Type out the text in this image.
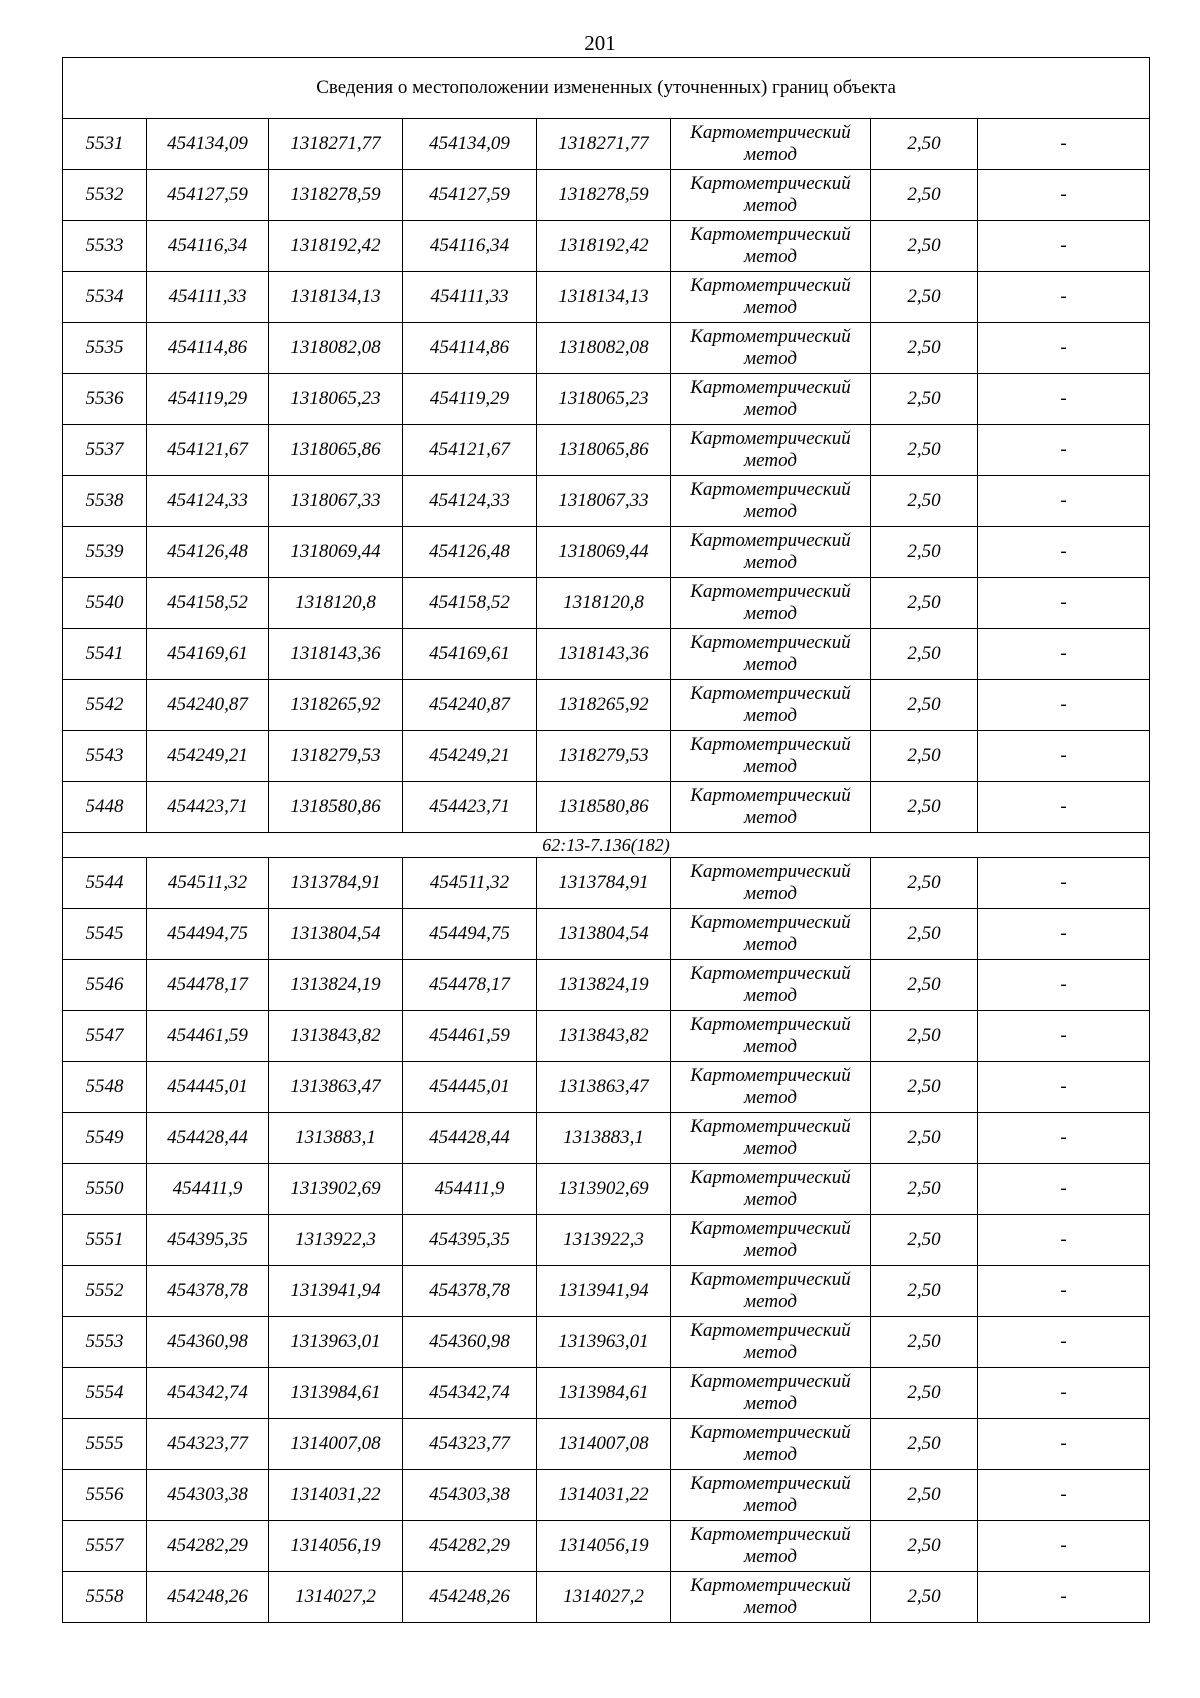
201
Сведения о местоположении измененных (уточненных) границ объекта							
5531	454134,09	1318271,77	454134,09	1318271,77	Картометрический
метод	2,50	-
5532	454127,59	1318278,59	454127,59	1318278,59	Картометрический
метод	2,50	-
5533	454116,34	1318192,42	454116,34	1318192,42	Картометрический
метод	2,50	-
5534	454111,33	1318134,13	454111,33	1318134,13	Картометрический
метод	2,50	-
5535	454114,86	1318082,08	454114,86	1318082,08	Картометрический
метод	2,50	-
5536	454119,29	1318065,23	454119,29	1318065,23	Картометрический
метод	2,50	-
5537	454121,67	1318065,86	454121,67	1318065,86	Картометрический
метод	2,50	-
5538	454124,33	1318067,33	454124,33	1318067,33	Картометрический
метод	2,50	-
5539	454126,48	1318069,44	454126,48	1318069,44	Картометрический
метод	2,50	-
5540	454158,52	1318120,8	454158,52	1318120,8	Картометрический
метод	2,50	-
5541	454169,61	1318143,36	454169,61	1318143,36	Картометрический
метод	2,50	-
5542	454240,87	1318265,92	454240,87	1318265,92	Картометрический
метод	2,50	-
5543	454249,21	1318279,53	454249,21	1318279,53	Картометрический
метод	2,50	-
5448	454423,71	1318580,86	454423,71	1318580,86	Картометрический
метод	2,50	-
62:13-7.136(182)							
5544	454511,32	1313784,91	454511,32	1313784,91	Картометрический
метод	2,50	-
5545	454494,75	1313804,54	454494,75	1313804,54	Картометрический
метод	2,50	-
5546	454478,17	1313824,19	454478,17	1313824,19	Картометрический
метод	2,50	-
5547	454461,59	1313843,82	454461,59	1313843,82	Картометрический
метод	2,50	-
5548	454445,01	1313863,47	454445,01	1313863,47	Картометрический
метод	2,50	-
5549	454428,44	1313883,1	454428,44	1313883,1	Картометрический
метод	2,50	-
5550	454411,9	1313902,69	454411,9	1313902,69	Картометрический
метод	2,50	-
5551	454395,35	1313922,3	454395,35	1313922,3	Картометрический
метод	2,50	-
5552	454378,78	1313941,94	454378,78	1313941,94	Картометрический
метод	2,50	-
5553	454360,98	1313963,01	454360,98	1313963,01	Картометрический
метод	2,50	-
5554	454342,74	1313984,61	454342,74	1313984,61	Картометрический
метод	2,50	-
5555	454323,77	1314007,08	454323,77	1314007,08	Картометрический
метод	2,50	-
5556	454303,38	1314031,22	454303,38	1314031,22	Картометрический
метод	2,50	-
5557	454282,29	1314056,19	454282,29	1314056,19	Картометрический
метод	2,50	-
5558	454248,26	1314027,2	454248,26	1314027,2	Картометрический
метод	2,50	-
